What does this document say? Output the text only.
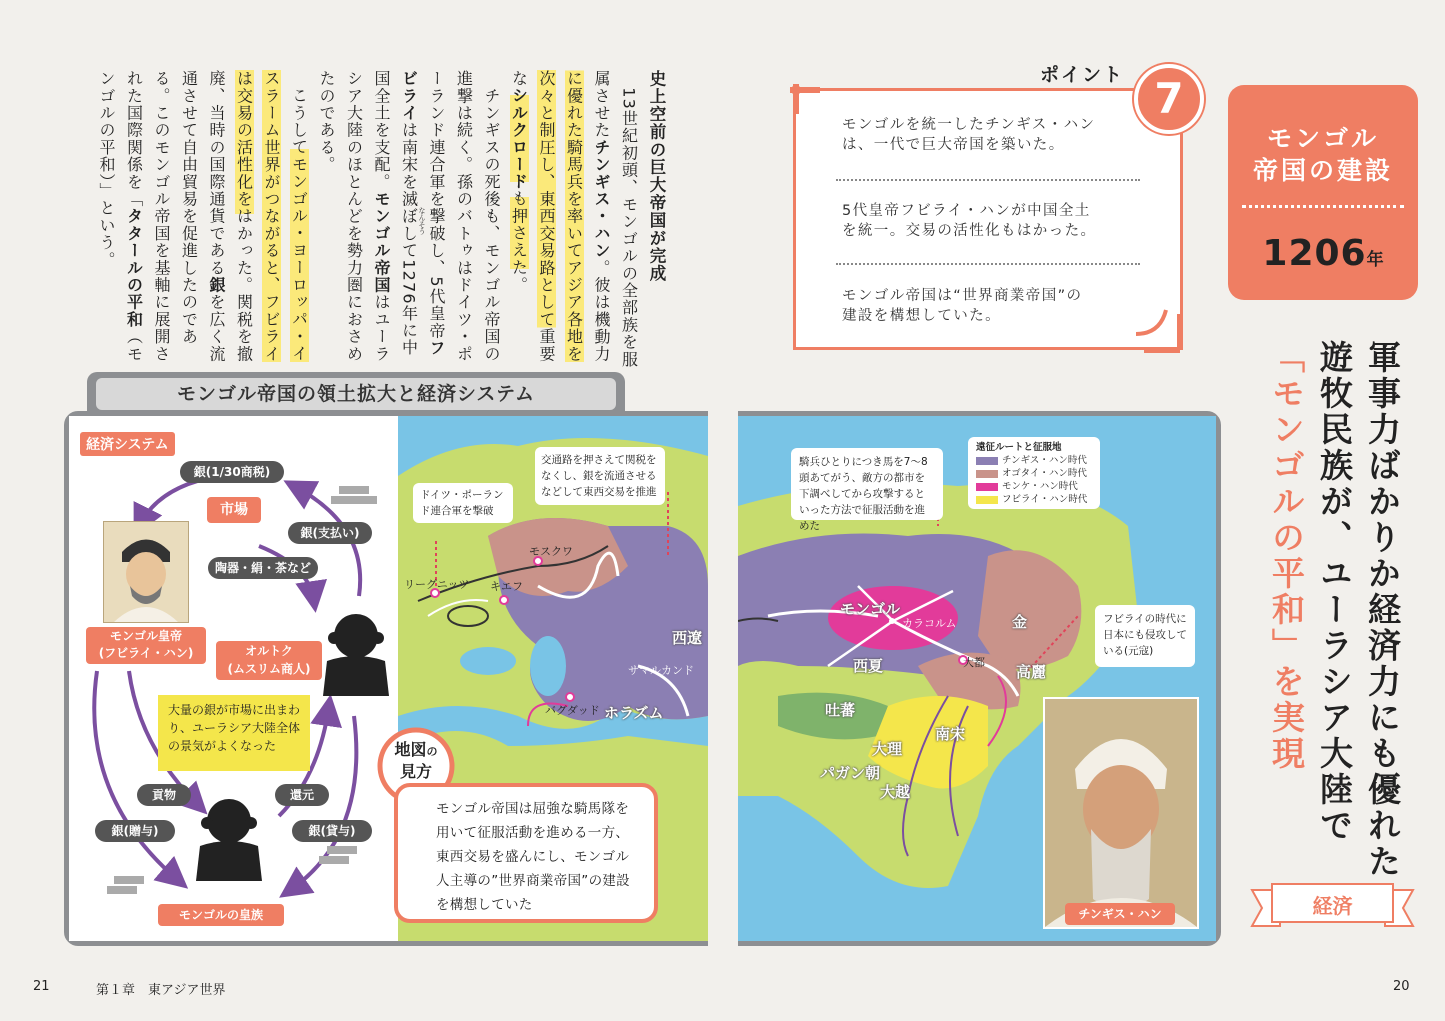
史上空前の巨大帝国が完成

　13世紀初頭、モンゴルの全部族を服属させたチンギス・ハン。彼は機動力に優れた騎馬兵を率いてアジア各地を次々と制圧し、東西交易路として重要なシルクロードも押さえた。

　チンギスの死後も、モンゴル帝国の進撃は続く。孫のバトゥはドイツ・ポーランド連合軍を撃破し、5代皇帝フビライは南宋を滅ぼして1276年に中国全土を支配。モンゴル帝国はユーラシア大陸のほとんどを勢力圏におさめたのである。

　こうしてモンゴル・ヨーロッパ・イスラーム世界がつながると、フビライは交易の活性化をはかった。関税を撤廃、当時の国際通貨である銀を広く流通させて自由貿易を促進したのである。このモンゴル帝国を基軸に展開された国際関係を「タタールの平和（モンゴルの平和）」という。	なんそう
ポイント
モンゴルを統一したチンギス・ハン
は、一代で巨大帝国を築いた。
5代皇帝フビライ・ハンが中国全土
を統一。交易の活性化もはかった。
モンゴル帝国は“世界商業帝国”の
建設を構想していた。
7
モンゴル
帝国の建設
1206年
軍事力ばかりか経済力にも優れた
遊牧民族が、ユーラシア大陸で
「モンゴルの平和」を実現
経済
モンゴル帝国の領土拡大と経済システム
経済システム
銀(1/30商税)
市場
銀(支払い)
陶器・絹・茶など
モンゴル皇帝
(フビライ・ハン)	オルトク
(ムスリム商人)
大量の銀が市場に出まわり、ユーラシア大陸全体の景気がよくなった
貢物	還元
銀(贈与)	銀(貸与)
モンゴルの皇族
交通路を押さえて関税をなくし、銀を流通させるなどして東西交易を推進
ドイツ・ポーランド連合軍を撃破
モスクワ
リーグニッツ キエフ
西遼
サマルカンド
バグダッド ホラズム
地図の
見方
モンゴル帝国は屈強な騎馬隊を用いて征服活動を進める一方、東西交易を盛んにし、モンゴル人主導の”世界商業帝国”の建設を構想していた
騎兵ひとりにつき馬を7〜8頭あてがう、敵方の都市を下調べしてから攻撃するといった方法で征服活動を進めた
遠征ルートと征服地
チンギス・ハン時代
オゴタイ・ハン時代
モンケ・ハン時代
フビライ・ハン時代
モンゴル
カラコルム	金
西夏	大都
高麗
吐蕃
南宋
大理
パガン朝
大越
フビライの時代に日本にも侵攻している(元寇)
チンギス・ハン
21	第１章　東アジア世界	20
